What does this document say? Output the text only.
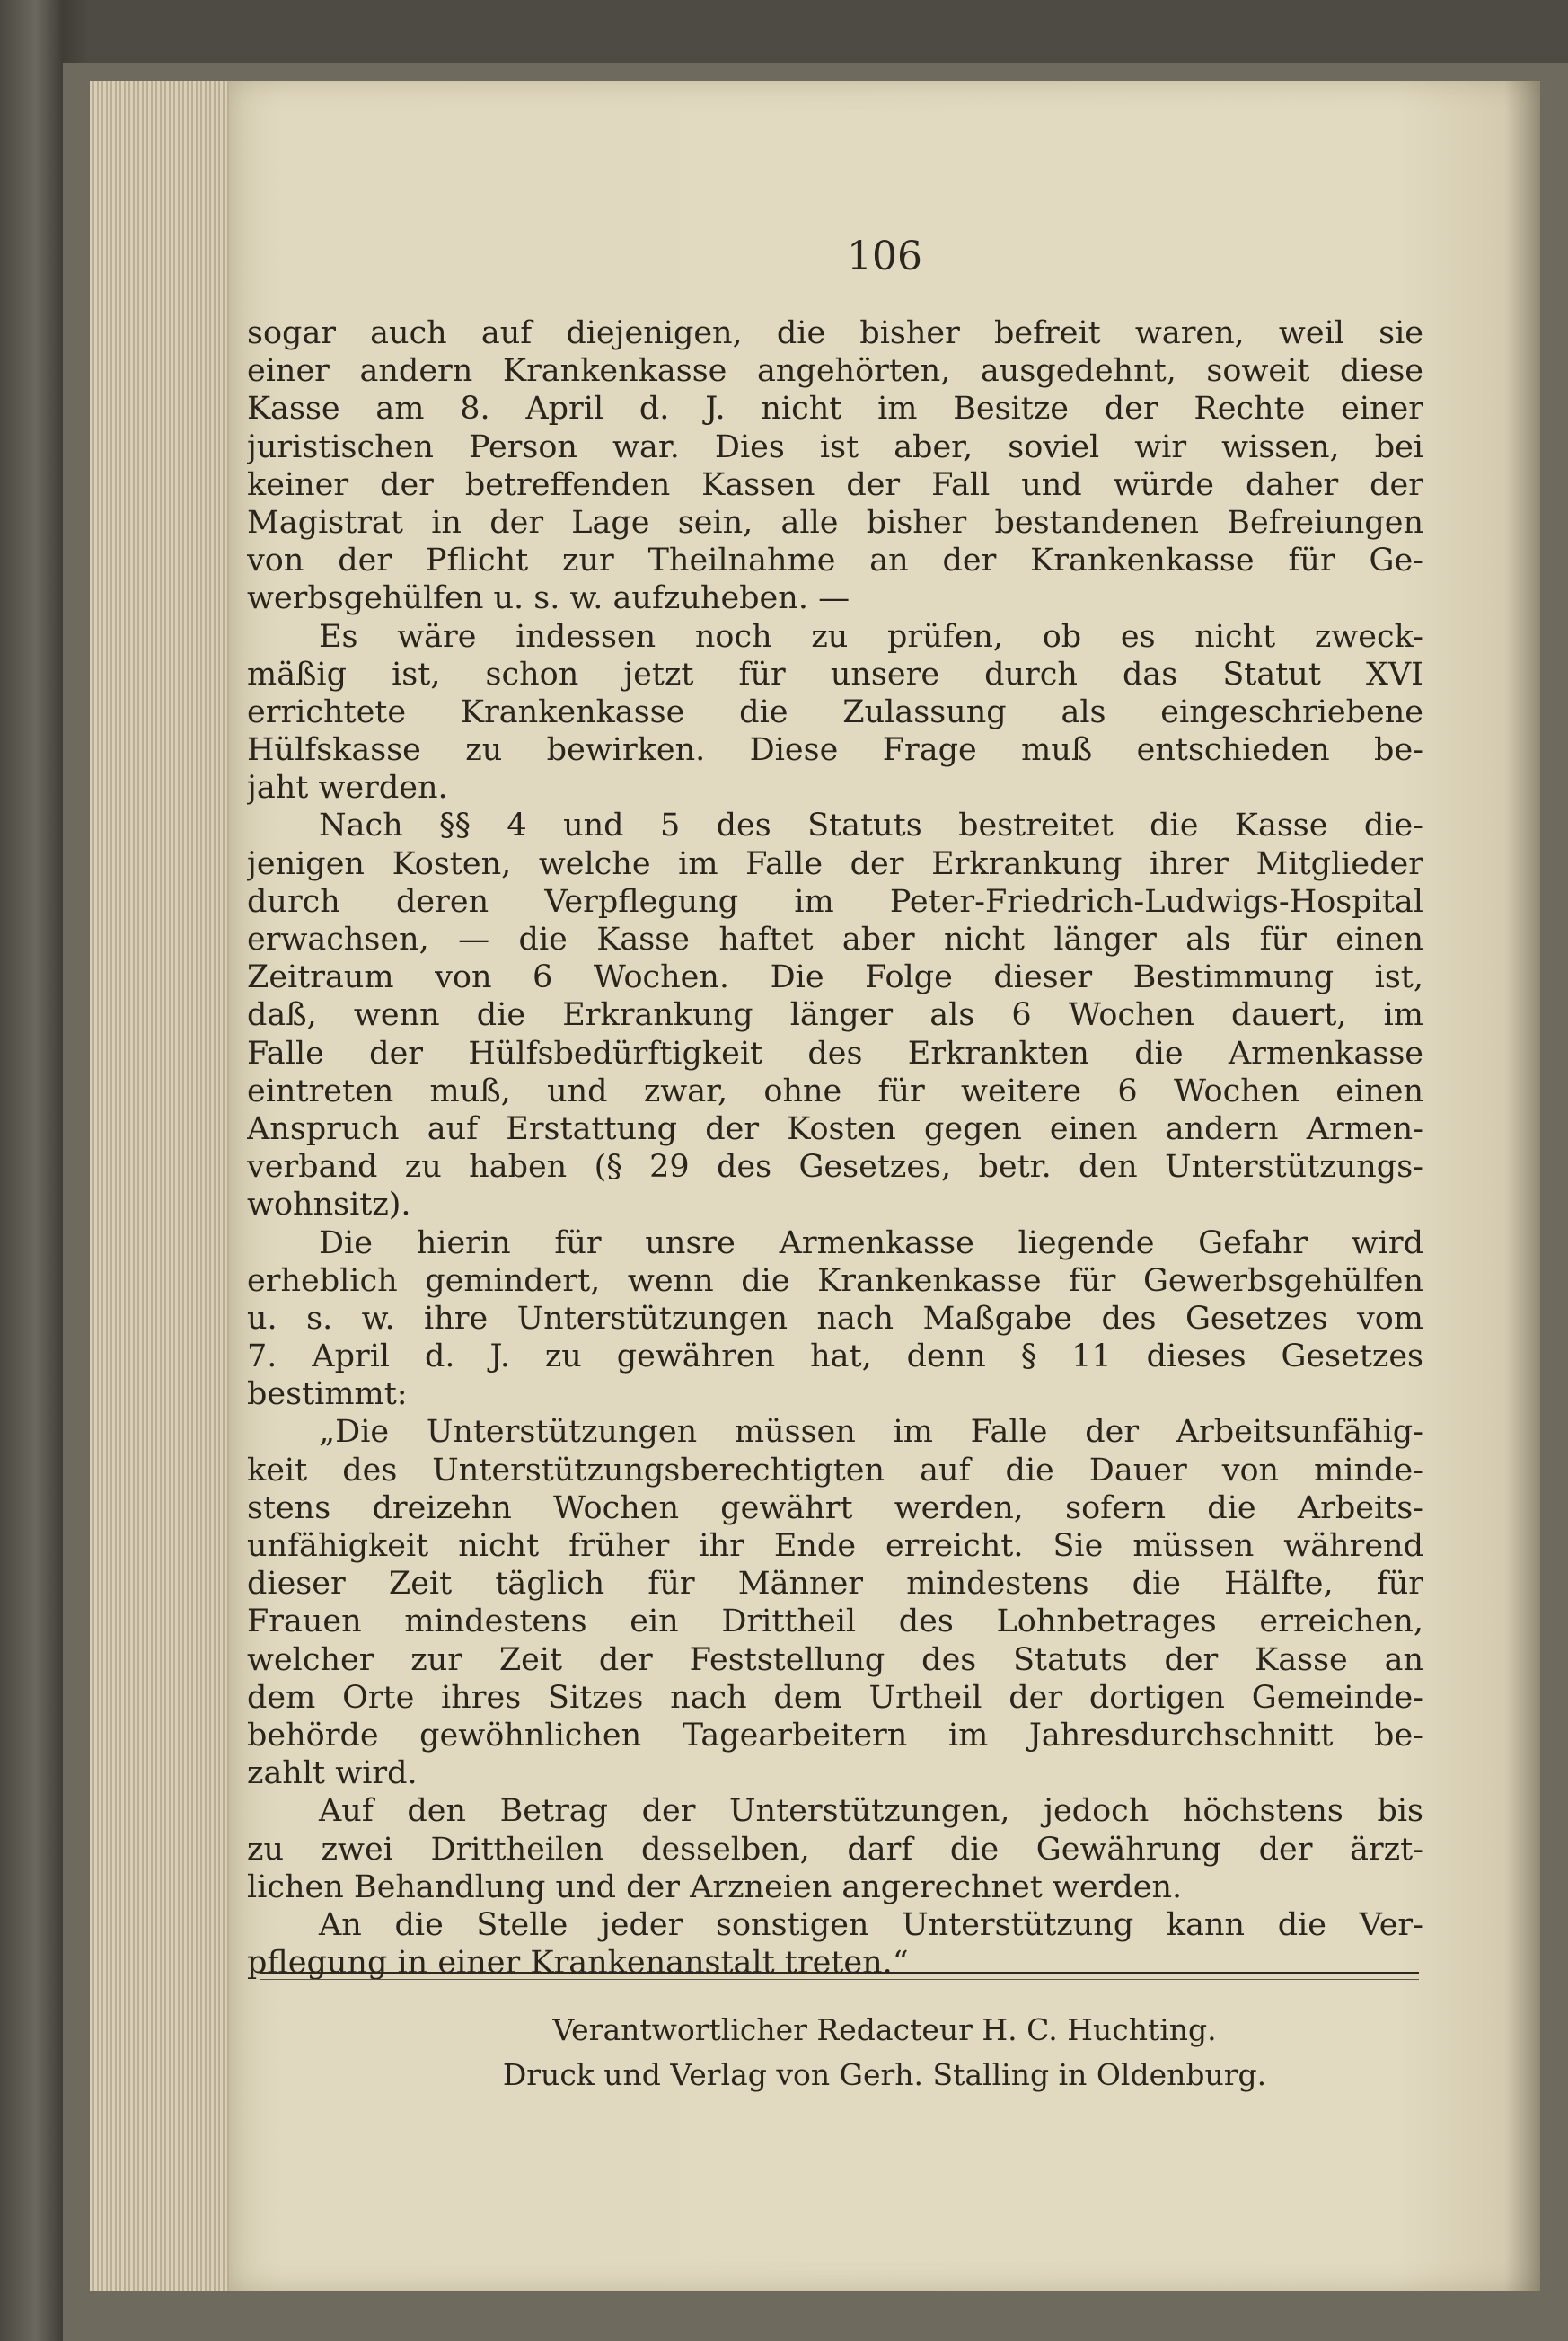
106
sogar auch auf diejenigen, die bisher befreit waren, weil sie
einer andern Krankenkasse angehörten, ausgedehnt, soweit diese
Kasse am 8. April d. J. nicht im Besitze der Rechte einer
juristischen Person war. Dies ist aber, soviel wir wissen, bei
keiner der betreffenden Kassen der Fall und würde daher der
Magistrat in der Lage sein, alle bisher bestandenen Befreiungen
von der Pflicht zur Theilnahme an der Krankenkasse für Ge-
werbsgehülfen u. s. w. aufzuheben. —
Es wäre indessen noch zu prüfen, ob es nicht zweck-
mäßig ist, schon jetzt für unsere durch das Statut XVI
errichtete Krankenkasse die Zulassung als eingeschriebene
Hülfskasse zu bewirken. Diese Frage muß entschieden be-
jaht werden.
Nach §§ 4 und 5 des Statuts bestreitet die Kasse die-
jenigen Kosten, welche im Falle der Erkrankung ihrer Mitglieder
durch deren Verpflegung im Peter-Friedrich-Ludwigs-Hospital
erwachsen, — die Kasse haftet aber nicht länger als für einen
Zeitraum von 6 Wochen. Die Folge dieser Bestimmung ist,
daß, wenn die Erkrankung länger als 6 Wochen dauert, im
Falle der Hülfsbedürftigkeit des Erkrankten die Armenkasse
eintreten muß, und zwar, ohne für weitere 6 Wochen einen
Anspruch auf Erstattung der Kosten gegen einen andern Armen-
verband zu haben (§ 29 des Gesetzes, betr. den Unterstützungs-
wohnsitz).
Die hierin für unsre Armenkasse liegende Gefahr wird
erheblich gemindert, wenn die Krankenkasse für Gewerbsgehülfen
u. s. w. ihre Unterstützungen nach Maßgabe des Gesetzes vom
7. April d. J. zu gewähren hat, denn § 11 dieses Gesetzes
bestimmt:
„Die Unterstützungen müssen im Falle der Arbeitsunfähig-
keit des Unterstützungsberechtigten auf die Dauer von minde-
stens dreizehn Wochen gewährt werden, sofern die Arbeits-
unfähigkeit nicht früher ihr Ende erreicht. Sie müssen während
dieser Zeit täglich für Männer mindestens die Hälfte, für
Frauen mindestens ein Drittheil des Lohnbetrages erreichen,
welcher zur Zeit der Feststellung des Statuts der Kasse an
dem Orte ihres Sitzes nach dem Urtheil der dortigen Gemeinde-
behörde gewöhnlichen Tagearbeitern im Jahresdurchschnitt be-
zahlt wird.
Auf den Betrag der Unterstützungen, jedoch höchstens bis
zu zwei Drittheilen desselben, darf die Gewährung der ärzt-
lichen Behandlung und der Arzneien angerechnet werden.
An die Stelle jeder sonstigen Unterstützung kann die Ver-
pflegung in einer Krankenanstalt treten.“
Verantwortlicher Redacteur H. C. Huchting.
Druck und Verlag von Gerh. Stalling in Oldenburg.
